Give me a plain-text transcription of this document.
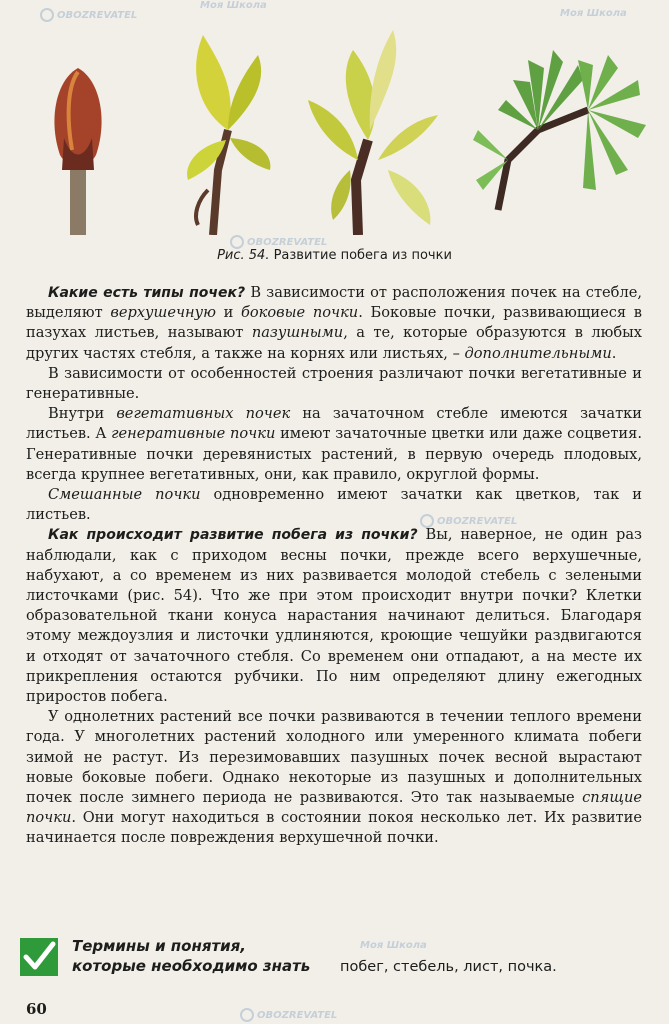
Рис. 54. Развитие побега из почки

Какие есть типы почек? В зависимости от расположения почек на стебле, выделяют верхушечную и боковые почки. Боковые почки, развивающиеся в пазухах листьев, называют пазушными, а те, которые образуются в любых других частях стебля, а также на корнях или листьях, – дополнительными.

В зависимости от особенностей строения различают почки вегетативные и генеративные.

Внутри вегетативных почек на зачаточном стебле имеются зачатки листьев. А генеративные почки имеют зачаточные цветки или даже соцветия. Генеративные почки деревянистых растений, в первую очередь плодовых, всегда крупнее вегетативных, они, как правило, округлой формы.

Смешанные почки одновременно имеют зачатки как цветков, так и листьев.

Как происходит развитие побега из почки? Вы, наверное, не один раз наблюдали, как с приходом весны почки, прежде всего верхушечные, набухают, а со временем из них развивается молодой стебель с зелеными листочками (рис. 54). Что же при этом происходит внутри почки? Клетки образовательной ткани конуса нарастания начинают делиться. Благодаря этому междоузлия и листочки удлиняются, кроющие чешуйки раздвигаются и отходят от зачаточного стебля. Со временем они отпадают, а на месте их прикрепления остаются рубчики. По ним определяют длину ежегодных приростов побега.

У однолетних растений все почки развиваются в течении теплого времени года. У многолетних растений холодного или умеренного климата побеги зимой не растут. Из перезимовавших пазушных почек весной вырастают новые боковые побеги. Однако некоторые из пазушных и дополнительных почек после зимнего периода не развиваются. Это так называемые спящие почки. Они могут находиться в состоянии покоя несколько лет. Их развитие начинается после повреждения верхушечной почки.

Термины и понятия,
которые необходимо знать побег, стебель, лист, почка.
60
OBOZREVATEL
Моя Школа
Моя Школа
OBOZREVATEL
OBOZREVATEL
Моя Школа
OBOZREVATEL
